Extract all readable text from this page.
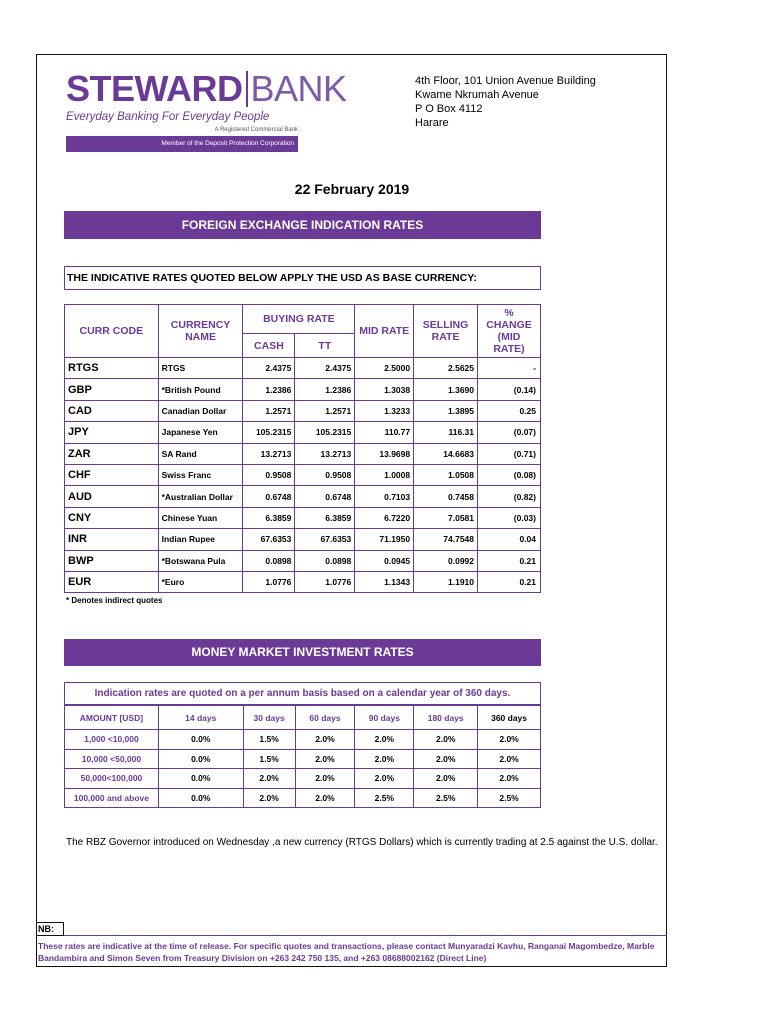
STEWARD BANK
Everyday Banking For Everyday People
A Registered Commercial Bank
Member of the Deposit Protection Corporation
4th Floor, 101 Union Avenue Building
Kwame Nkrumah Avenue
P O Box 4112
Harare
22 February 2019
FOREIGN EXCHANGE INDICATION RATES
THE INDICATIVE RATES QUOTED BELOW APPLY THE USD AS BASE CURRENCY:
CURR CODE	CURRENCY NAME	BUYING RATE		MID RATE	SELLING RATE	% CHANGE (MID RATE)
		CASH	TT			
RTGS	RTGS	2.4375	2.4375	2.5000	2.5625	-
GBP	*British Pound	1.2386	1.2386	1.3038	1.3690	(0.14)
CAD	Canadian Dollar	1.2571	1.2571	1.3233	1.3895	0.25
JPY	Japanese Yen	105.2315	105.2315	110.77	116.31	(0.07)
ZAR	SA Rand	13.2713	13.2713	13.9698	14.6683	(0.71)
CHF	Swiss Franc	0.9508	0.9508	1.0008	1.0508	(0.08)
AUD	*Australian Dollar	0.6748	0.6748	0.7103	0.7458	(0.82)
CNY	Chinese Yuan	6.3859	6.3859	6.7220	7.0581	(0.03)
INR	Indian Rupee	67.6353	67.6353	71.1950	74.7548	0.04
BWP	*Botswana Pula	0.0898	0.0898	0.0945	0.0992	0.21
EUR	*Euro	1.0776	1.0776	1.1343	1.1910	0.21
* Denotes indirect quotes
MONEY MARKET INVESTMENT RATES
Indication rates are quoted on a per annum basis based on a calendar year of 360 days.
AMOUNT [USD]	14 days	30 days	60 days	90 days	180 days	360 days
1,000 <10,000	0.0%	1.5%	2.0%	2.0%	2.0%	2.0%
10,000 <50,000	0.0%	1.5%	2.0%	2.0%	2.0%	2.0%
50,000<100,000	0.0%	2.0%	2.0%	2.0%	2.0%	2.0%
100,000 and above	0.0%	2.0%	2.0%	2.5%	2.5%	2.5%
The RBZ Governor introduced on Wednesday ,a new currency (RTGS Dollars) which is currently trading at 2.5 against the U.S. dollar.
NB:
These rates are indicative at the time of release. For specific quotes and transactions, please contact Munyaradzi Kavhu, Ranganai Magombedze, Marble Bandambira and Simon Seven from Treasury Division on +263 242 750 135, and +263 08688002162 (Direct Line)
